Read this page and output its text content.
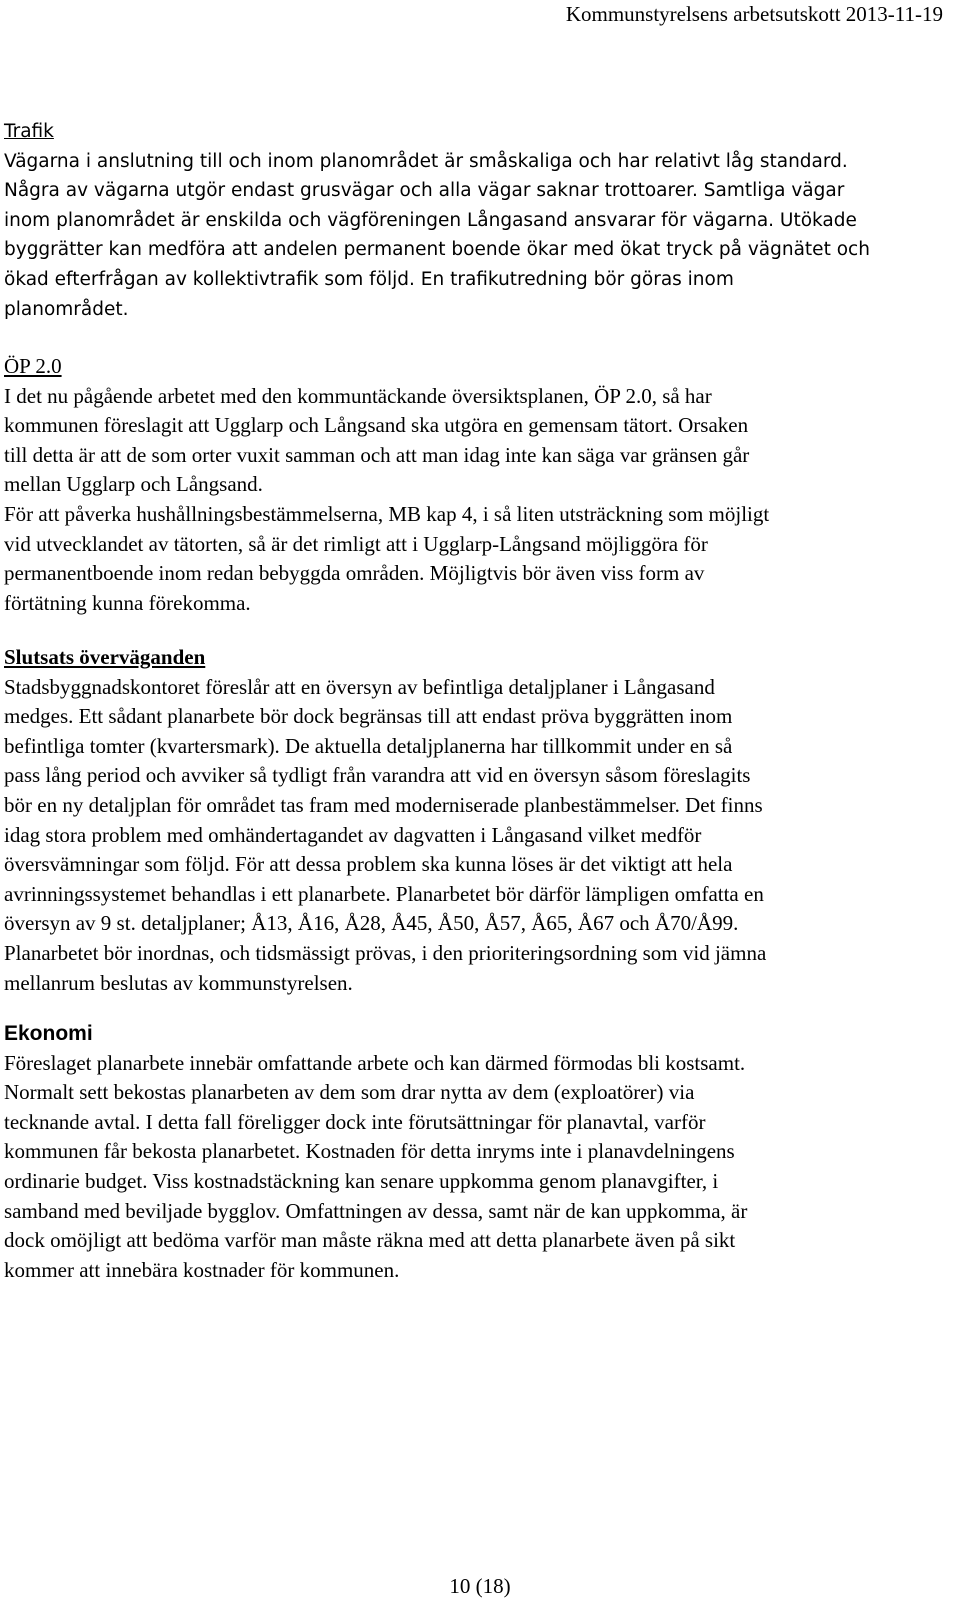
Kommunstyrelsens arbetsutskott 2013-11-19
Trafik
Vägarna i anslutning till och inom planområdet är småskaliga och har relativt låg standard.
Några av vägarna utgör endast grusvägar och alla vägar saknar trottoarer. Samtliga vägar
inom planområdet är enskilda och vägföreningen Långasand ansvarar för vägarna. Utökade
byggrätter kan medföra att andelen permanent boende ökar med ökat tryck på vägnätet och
ökad efterfrågan av kollektivtrafik som följd. En trafikutredning bör göras inom
planområdet.
ÖP 2.0
I det nu pågående arbetet med den kommuntäckande översiktsplanen, ÖP 2.0, så har
kommunen föreslagit att Ugglarp och Långsand ska utgöra en gemensam tätort. Orsaken
till detta är att de som orter vuxit samman och att man idag inte kan säga var gränsen går
mellan Ugglarp och Långsand.
För att påverka hushållningsbestämmelserna, MB kap 4, i så liten utsträckning som möjligt
vid utvecklandet av tätorten, så är det rimligt att i Ugglarp-Långsand möjliggöra för
permanentboende inom redan bebyggda områden. Möjligtvis bör även viss form av
förtätning kunna förekomma.
Slutsats överväganden
Stadsbyggnadskontoret föreslår att en översyn av befintliga detaljplaner i Långasand
medges. Ett sådant planarbete bör dock begränsas till att endast pröva byggrätten inom
befintliga tomter (kvartersmark). De aktuella detaljplanerna har tillkommit under en så
pass lång period och avviker så tydligt från varandra att vid en översyn såsom föreslagits
bör en ny detaljplan för området tas fram med moderniserade planbestämmelser. Det finns
idag stora problem med omhändertagandet av dagvatten i Långasand vilket medför
översvämningar som följd. För att dessa problem ska kunna löses är det viktigt att hela
avrinningssystemet behandlas i ett planarbete. Planarbetet bör därför lämpligen omfatta en
översyn av 9 st. detaljplaner; Å13, Å16, Å28, Å45, Å50, Å57, Å65, Å67 och Å70/Å99.
Planarbetet bör inordnas, och tidsmässigt prövas, i den prioriteringsordning som vid jämna
mellanrum beslutas av kommunstyrelsen.
Ekonomi
Föreslaget planarbete innebär omfattande arbete och kan därmed förmodas bli kostsamt.
Normalt sett bekostas planarbeten av dem som drar nytta av dem (exploatörer) via
tecknande avtal. I detta fall föreligger dock inte förutsättningar för planavtal, varför
kommunen får bekosta planarbetet. Kostnaden för detta inryms inte i planavdelningens
ordinarie budget. Viss kostnadstäckning kan senare uppkomma genom planavgifter, i
samband med beviljade bygglov. Omfattningen av dessa, samt när de kan uppkomma, är
dock omöjligt att bedöma varför man måste räkna med att detta planarbete även på sikt
kommer att innebära kostnader för kommunen.
10 (18)
